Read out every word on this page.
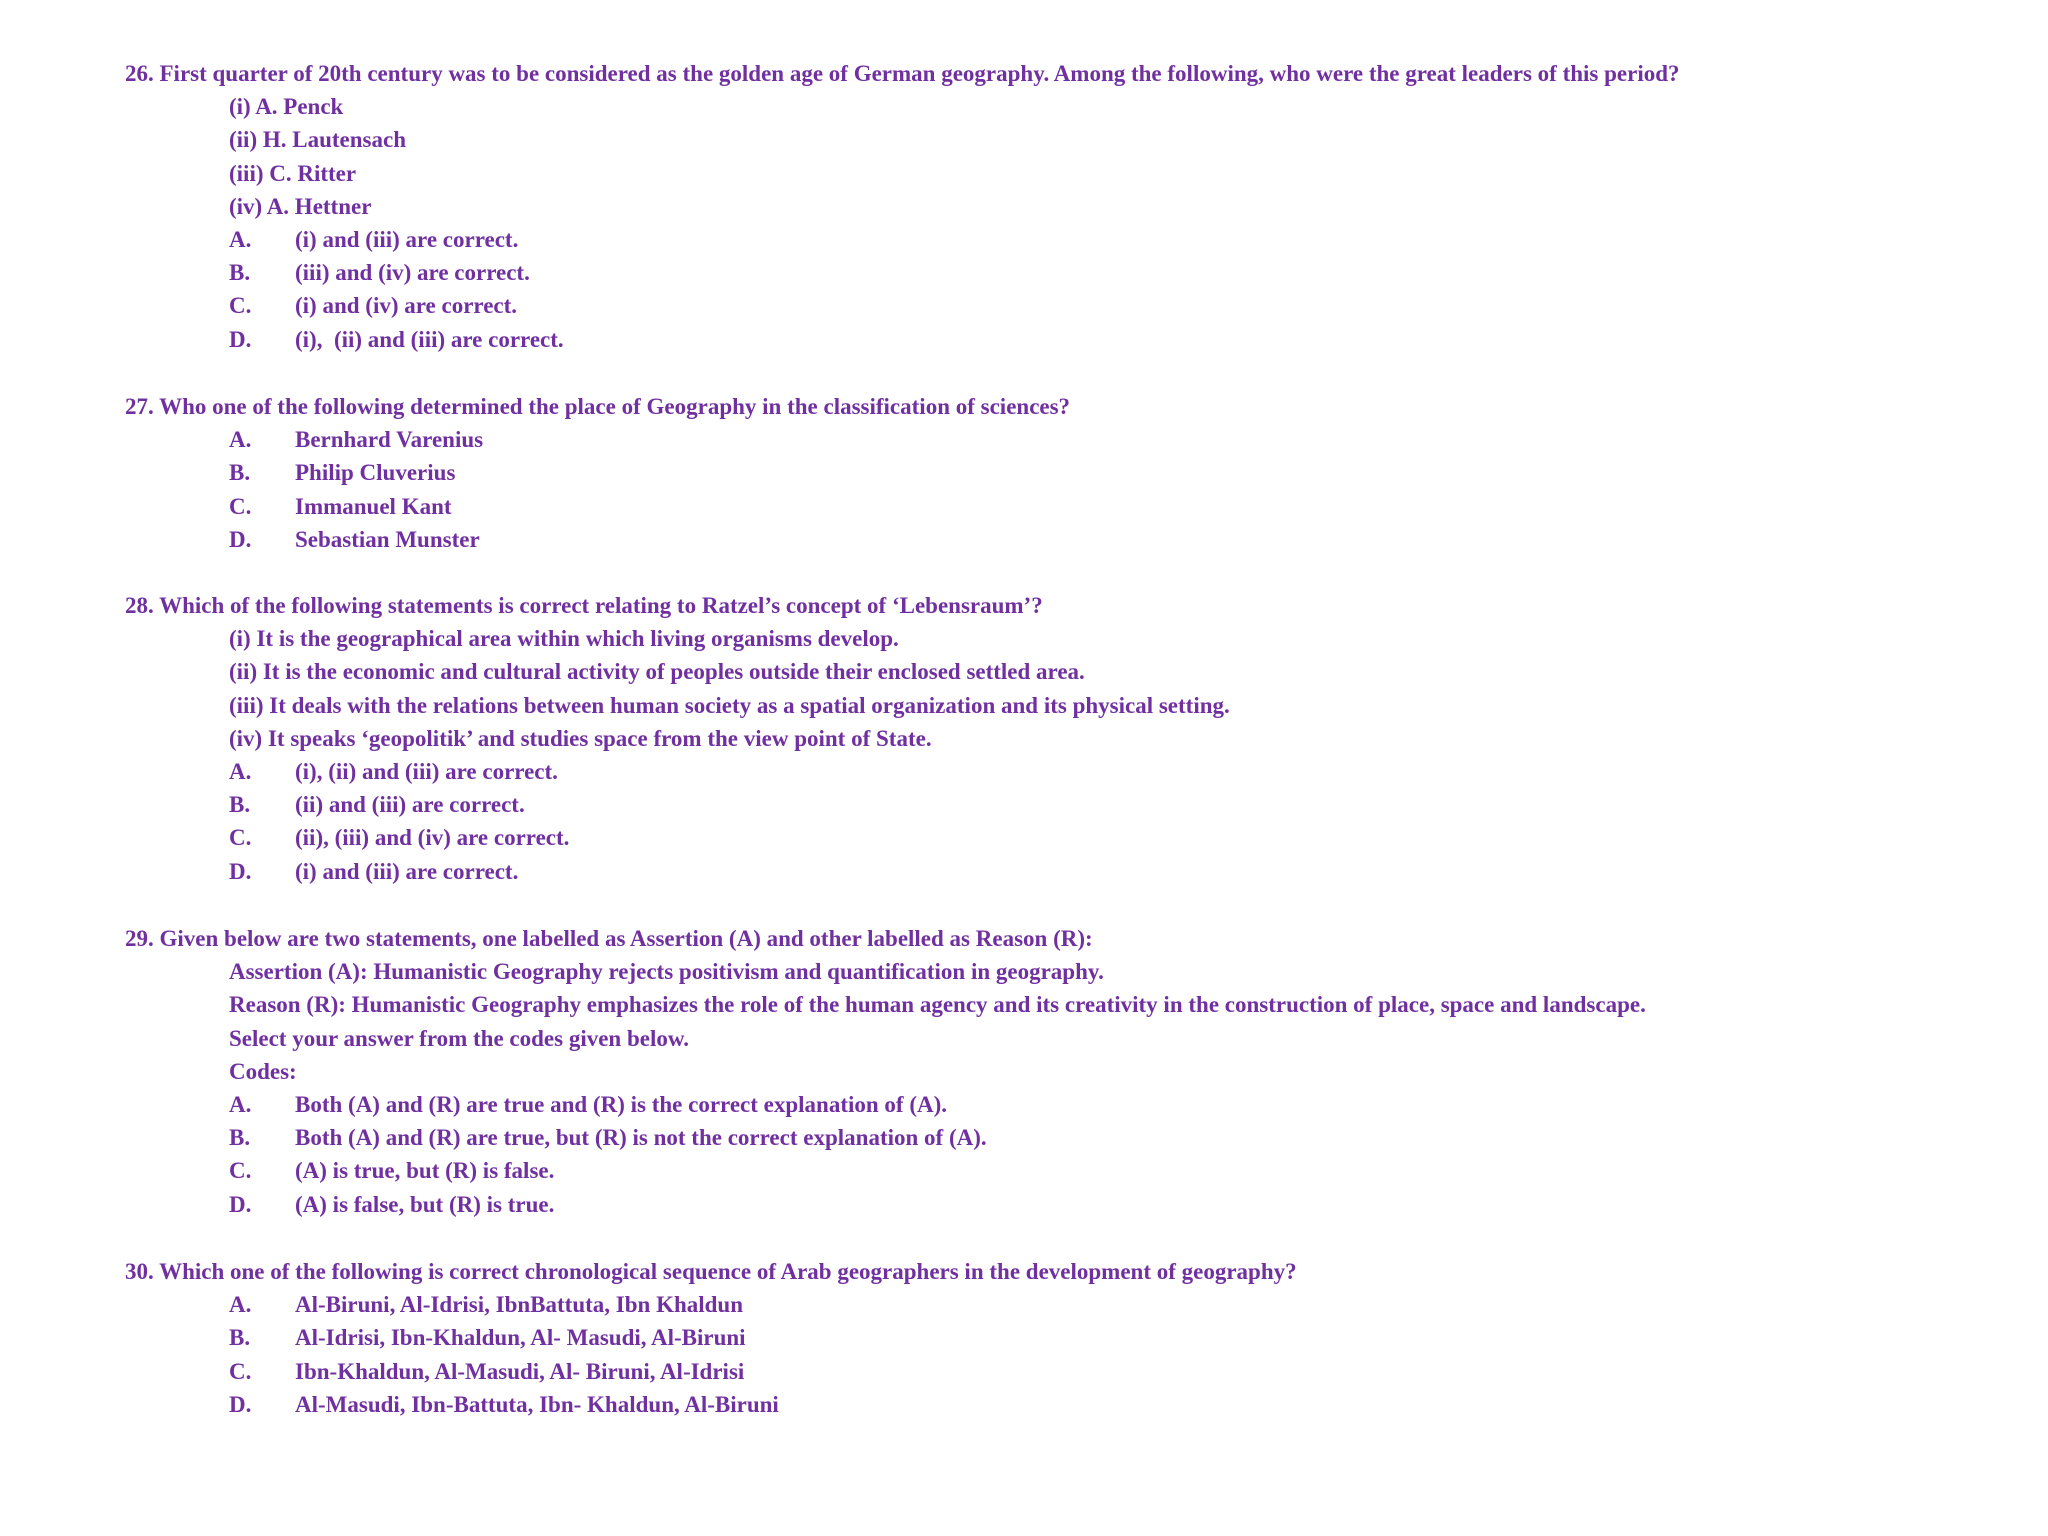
26. First quarter of 20th century was to be considered as the golden age of German geography. Among the following, who were the great leaders of this period?
(i) A. Penck
(ii) H. Lautensach
(iii) C. Ritter
(iv) A. Hettner
A.	(i) and (iii) are correct.
B.	(iii) and (iv) are correct.
C.	(i) and (iv) are correct.
D.	(i),  (ii) and (iii) are correct.
27. Who one of the following determined the place of Geography in the classification of sciences?
A.	Bernhard Varenius
B.	Philip Cluverius
C.	Immanuel Kant
D.	Sebastian Munster
28. Which of the following statements is correct relating to Ratzel’s concept of ‘Lebensraum’?
(i) It is the geographical area within which living organisms develop.
(ii) It is the economic and cultural activity of peoples outside their enclosed settled area.
(iii) It deals with the relations between human society as a spatial organization and its physical setting.
(iv) It speaks ‘geopolitik’ and studies space from the view point of State.
A.	(i), (ii) and (iii) are correct.
B.	(ii) and (iii) are correct.
C.	(ii), (iii) and (iv) are correct.
D.	(i) and (iii) are correct.
29. Given below are two statements, one labelled as Assertion (A) and other labelled as Reason (R):
Assertion (A): Humanistic Geography rejects positivism and quantification in geography.
Reason (R): Humanistic Geography emphasizes the role of the human agency and its creativity in the construction of place, space and landscape.
Select your answer from the codes given below.
Codes:
A.	Both (A) and (R) are true and (R) is the correct explanation of (A).
B.	Both (A) and (R) are true, but (R) is not the correct explanation of (A).
C.	(A) is true, but (R) is false.
D.	(A) is false, but (R) is true.
30. Which one of the following is correct chronological sequence of Arab geographers in the development of geography?
A.	Al-Biruni, Al-Idrisi, IbnBattuta, Ibn Khaldun
B.	Al-Idrisi, Ibn-Khaldun, Al- Masudi, Al-Biruni
C.	Ibn-Khaldun, Al-Masudi, Al- Biruni, Al-Idrisi
D.	Al-Masudi, Ibn-Battuta, Ibn- Khaldun, Al-Biruni
